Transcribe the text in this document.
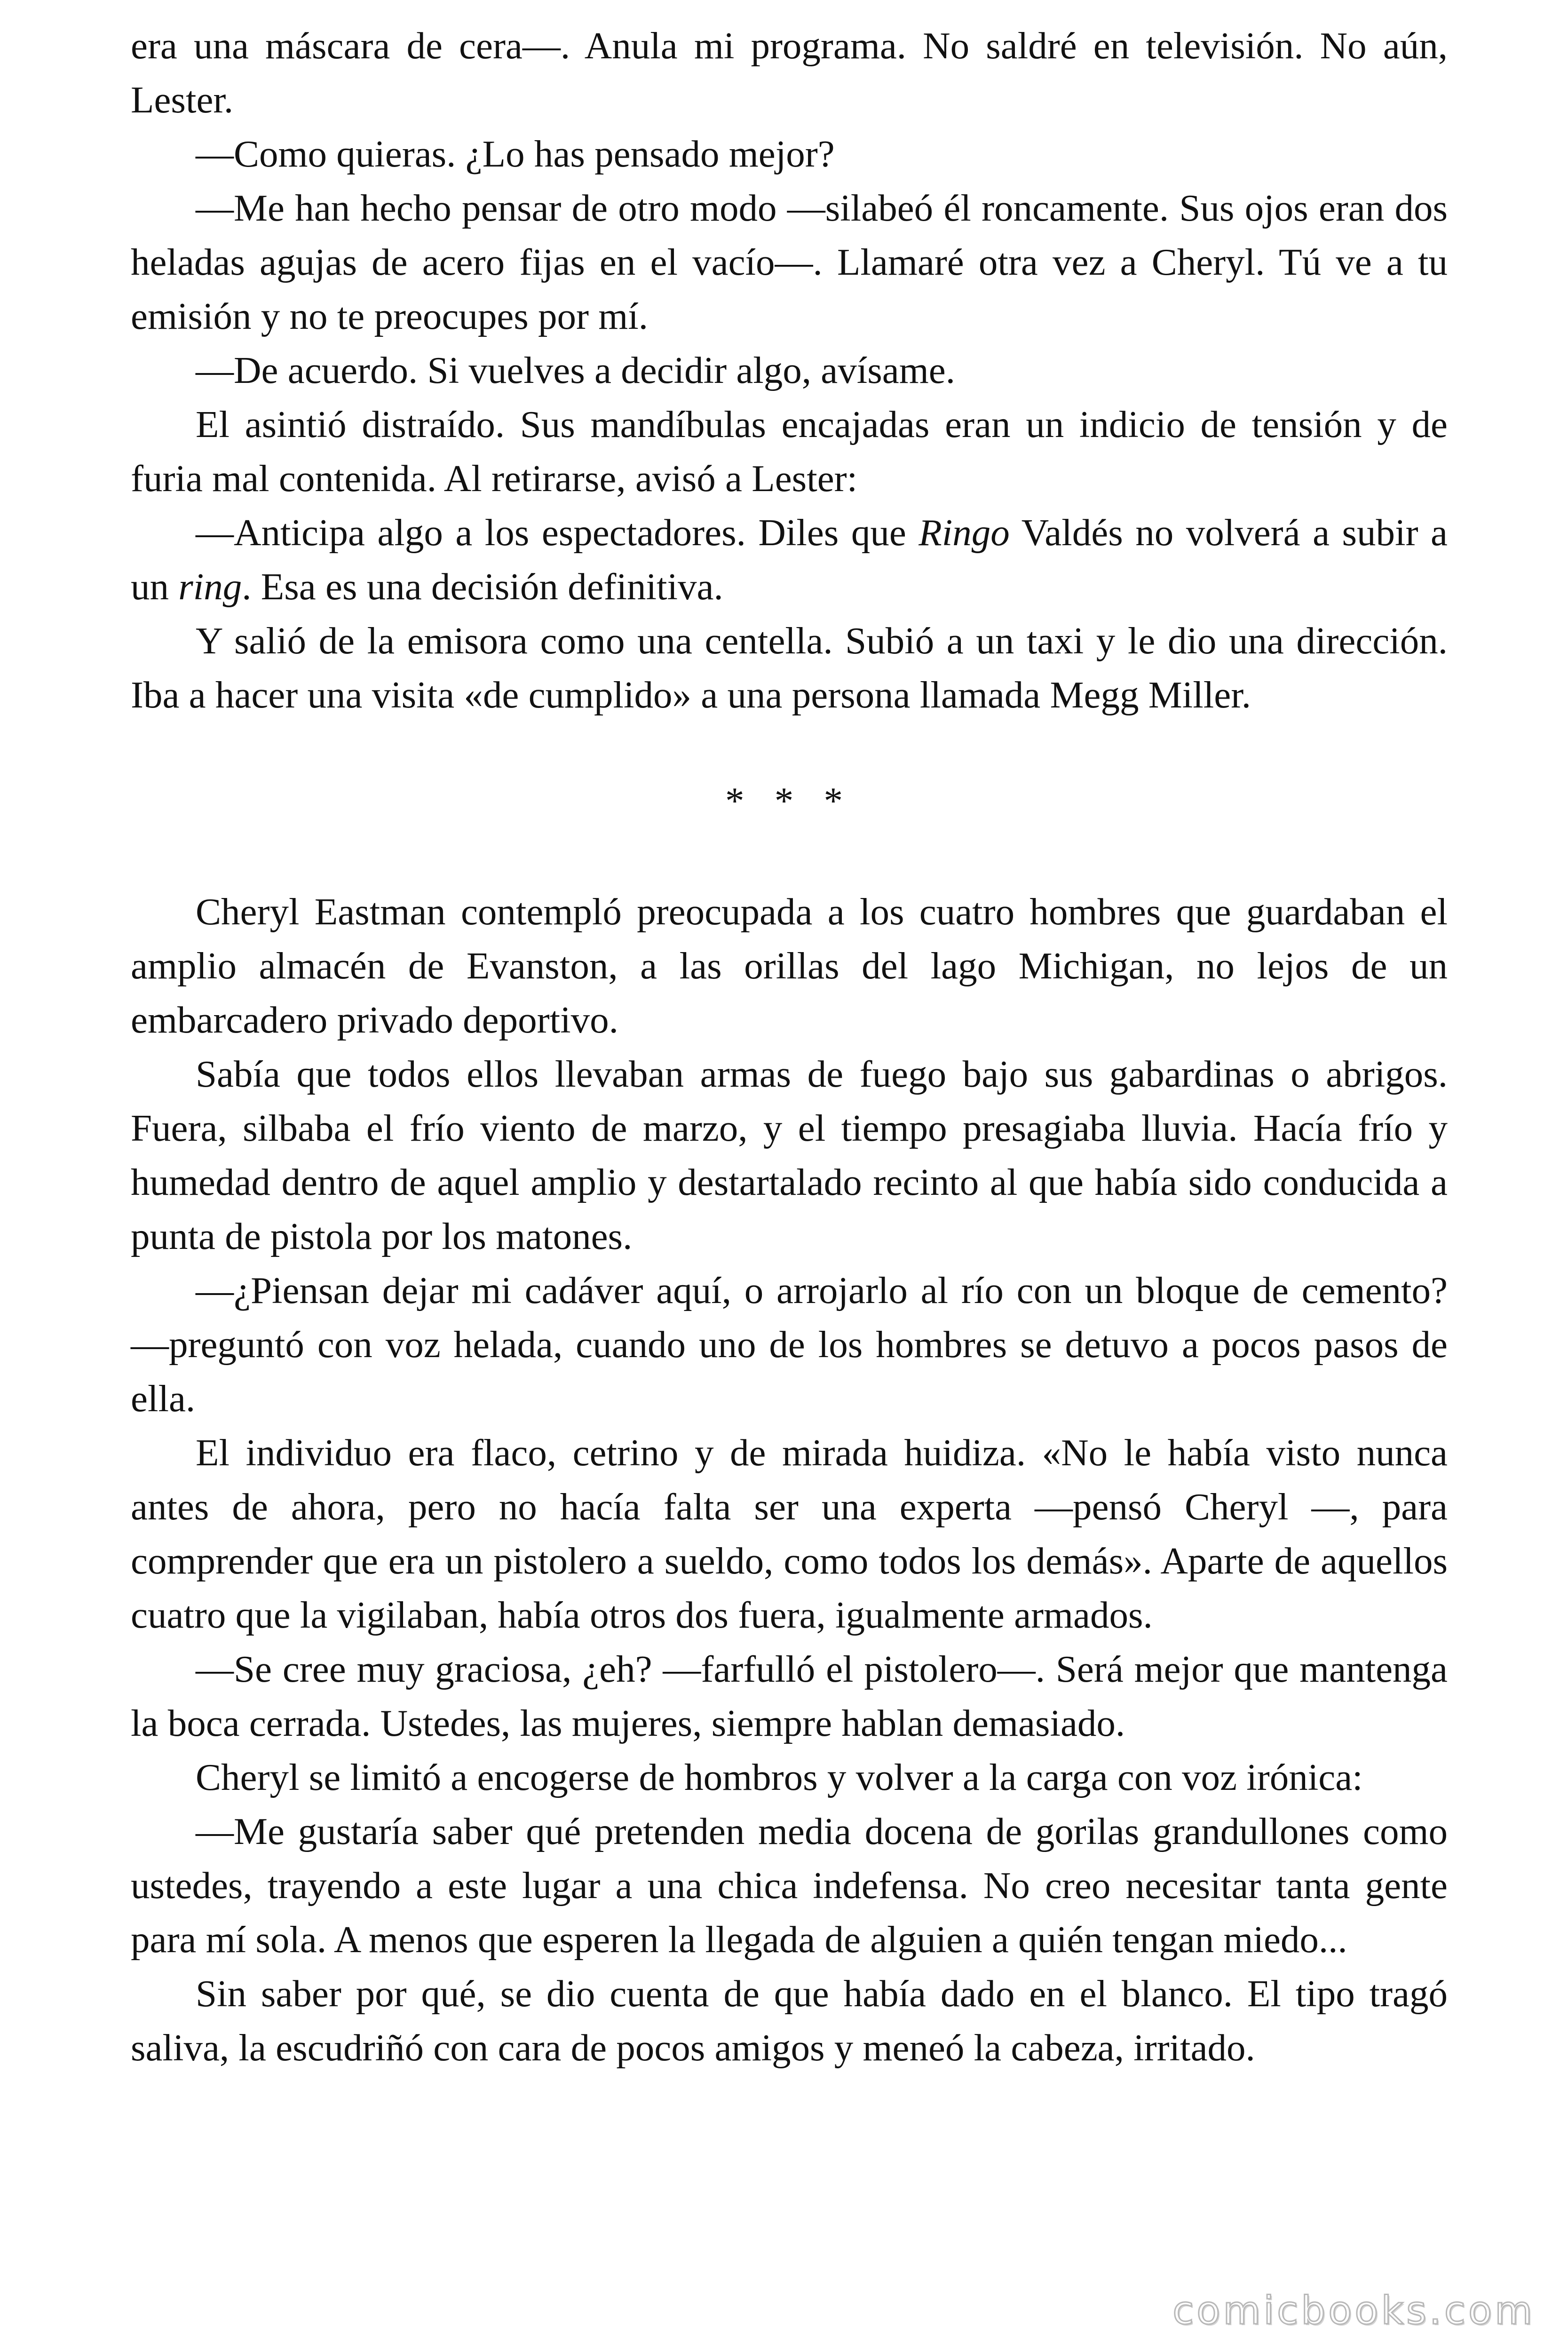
era una máscara de cera—. Anula mi programa. No saldré en televisión. No aún, Lester.

—Como quieras. ¿Lo has pensado mejor?

—Me han hecho pensar de otro modo —silabeó él roncamente. Sus ojos eran dos heladas agujas de acero fijas en el vacío—. Llamaré otra vez a Cheryl. Tú ve a tu emisión y no te preocupes por mí.

—De acuerdo. Si vuelves a decidir algo, avísame.

El asintió distraído. Sus mandíbulas encajadas eran un indicio de tensión y de furia mal contenida. Al retirarse, avisó a Lester:

—Anticipa algo a los espectadores. Diles que Ringo Valdés no volverá a subir a un ring. Esa es una decisión definitiva.

Y salió de la emisora como una centella. Subió a un taxi y le dio una dirección. Iba a hacer una visita «de cumplido» a una persona llamada Megg Miller.

* * *

Cheryl Eastman contempló preocupada a los cuatro hombres que guardaban el amplio almacén de Evanston, a las orillas del lago Michigan, no lejos de un embarcadero privado deportivo.

Sabía que todos ellos llevaban armas de fuego bajo sus gabardinas o abrigos. Fuera, silbaba el frío viento de marzo, y el tiempo presagiaba lluvia. Hacía frío y humedad dentro de aquel amplio y destartalado recinto al que había sido conducida a punta de pistola por los matones.

—¿Piensan dejar mi cadáver aquí, o arrojarlo al río con un bloque de cemento? —preguntó con voz helada, cuando uno de los hombres se detuvo a pocos pasos de ella.

El individuo era flaco, cetrino y de mirada huidiza. «No le había visto nunca antes de ahora, pero no hacía falta ser una experta —pensó Cheryl —, para comprender que era un pistolero a sueldo, como todos los demás». Aparte de aquellos cuatro que la vigilaban, había otros dos fuera, igualmente armados.

—Se cree muy graciosa, ¿eh? —farfulló el pistolero—. Será mejor que mantenga la boca cerrada. Ustedes, las mujeres, siempre hablan demasiado.

Cheryl se limitó a encogerse de hombros y volver a la carga con voz irónica:

—Me gustaría saber qué pretenden media docena de gorilas grandullones como ustedes, trayendo a este lugar a una chica indefensa. No creo necesitar tanta gente para mí sola. A menos que esperen la llegada de alguien a quién tengan miedo...

Sin saber por qué, se dio cuenta de que había dado en el blanco. El tipo tragó saliva, la escudriñó con cara de pocos amigos y meneó la cabeza, irritado.

comicbooks.com
